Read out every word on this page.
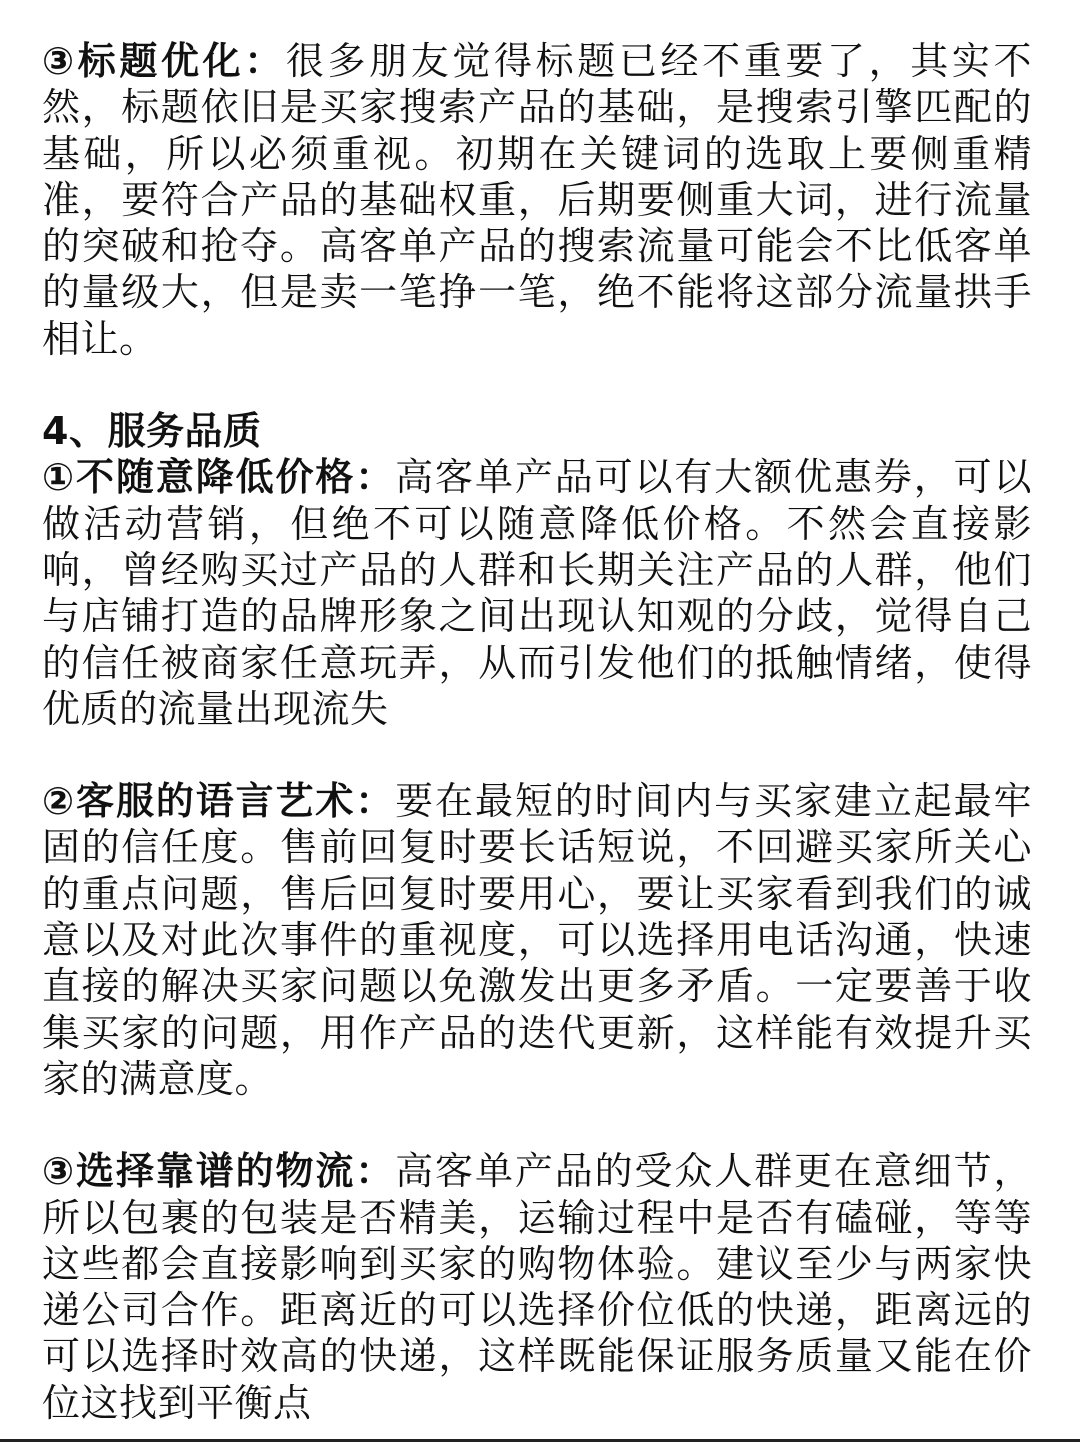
③标题优化：很多朋友觉得标题已经不重要了，其实不然，标题依旧是买家搜索产品的基础，是搜索引擎匹配的基础，所以必须重视。初期在关键词的选取上要侧重精准，要符合产品的基础权重，后期要侧重大词，进行流量的突破和抢夺。高客单产品的搜索流量可能会不比低客单的量级大，但是卖一笔挣一笔，绝不能将这部分流量拱手相让。

4、服务品质

①不随意降低价格：高客单产品可以有大额优惠券，可以做活动营销，但绝不可以随意降低价格。不然会直接影响，曾经购买过产品的人群和长期关注产品的人群，他们与店铺打造的品牌形象之间出现认知观的分歧，觉得自己的信任被商家任意玩弄，从而引发他们的抵触情绪，使得优质的流量出现流失

②客服的语言艺术：要在最短的时间内与买家建立起最牢固的信任度。售前回复时要长话短说，不回避买家所关心的重点问题，售后回复时要用心，要让买家看到我们的诚意以及对此次事件的重视度，可以选择用电话沟通，快速直接的解决买家问题以免激发出更多矛盾。一定要善于收集买家的问题，用作产品的迭代更新，这样能有效提升买家的满意度。

③选择靠谱的物流：高客单产品的受众人群更在意细节，所以包裹的包装是否精美，运输过程中是否有磕碰，等等这些都会直接影响到买家的购物体验。建议至少与两家快递公司合作。距离近的可以选择价位低的快递，距离远的可以选择时效高的快递，这样既能保证服务质量又能在价位这找到平衡点
